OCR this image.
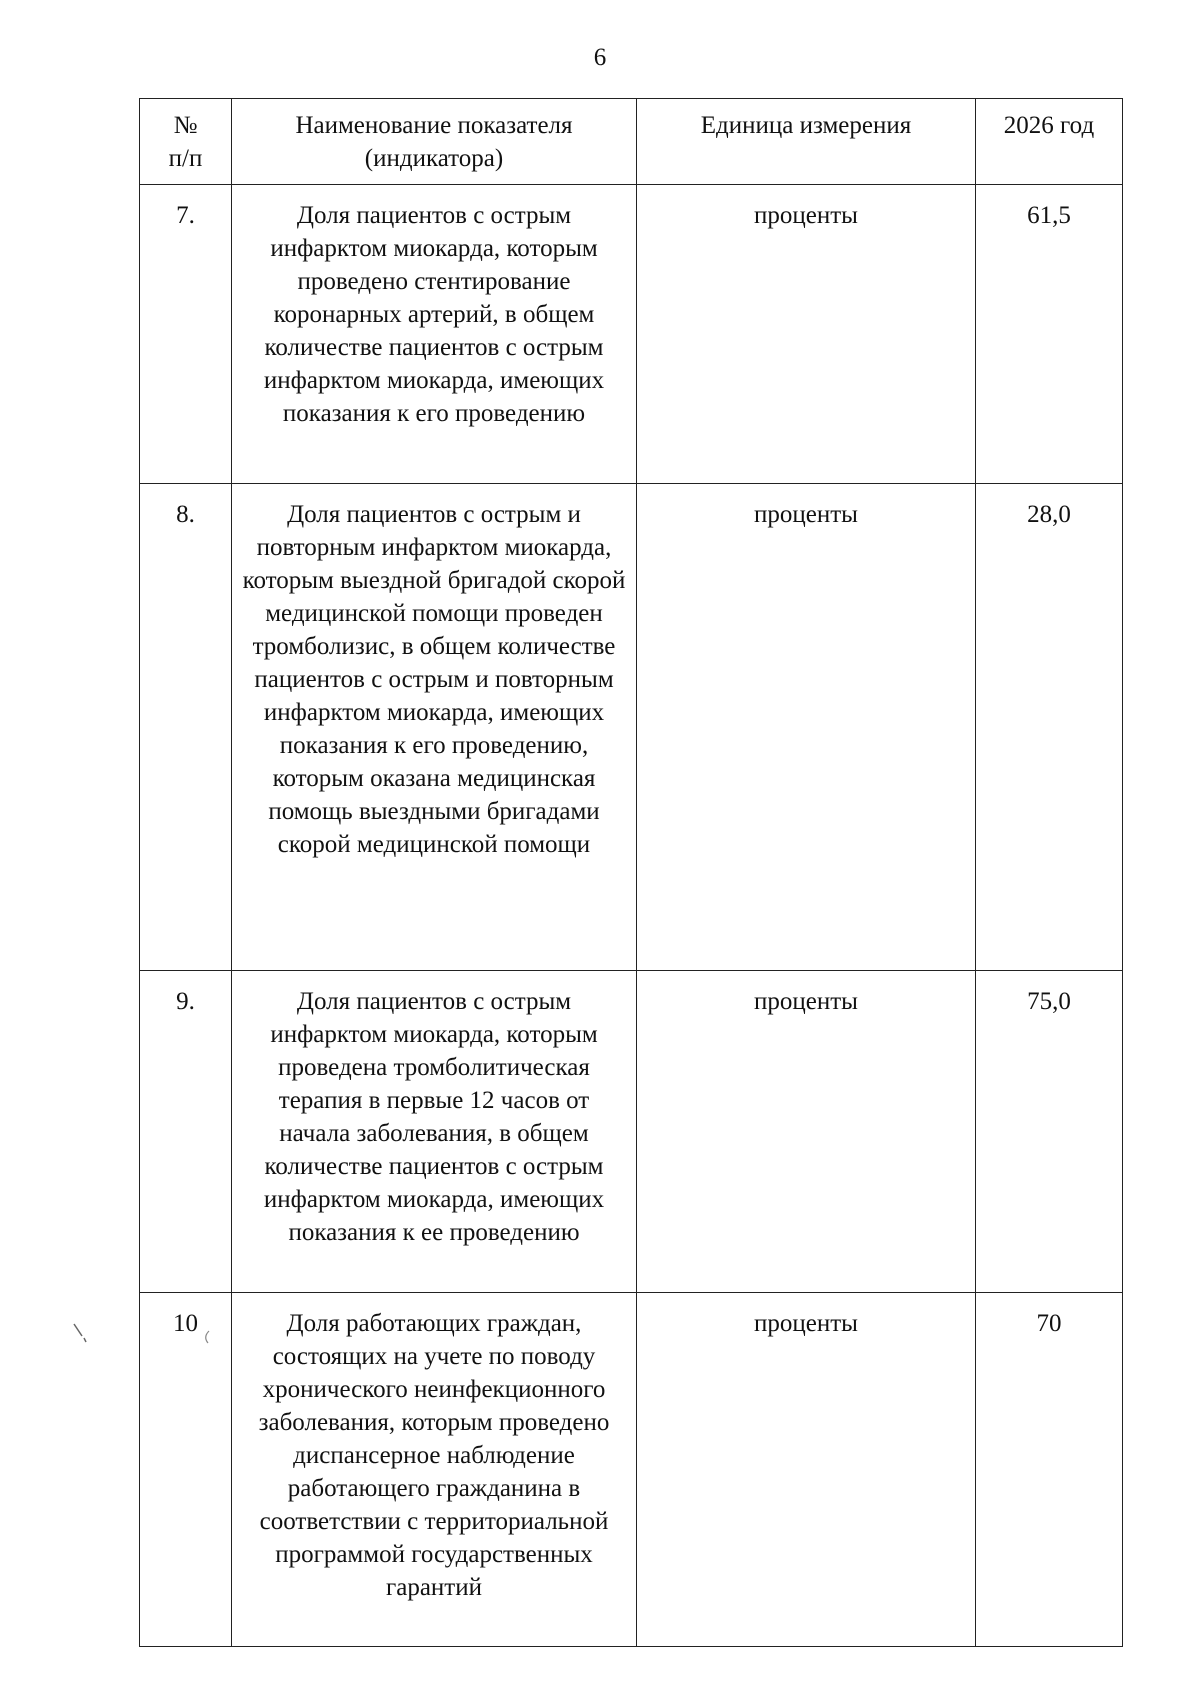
6
№ п/п	Наименование показателя (индикатора)	Единица измерения	2026 год
7.	Доля пациентов с острым инфарктом миокарда, которым проведено стентирование коронарных артерий, в общем количестве пациентов с острым инфарктом миокарда, имеющих показания к его проведению	проценты	61,5
8.	Доля пациентов с острым и повторным инфарктом миокарда, которым выездной бригадой скорой медицинской помощи проведен тромболизис, в общем количестве пациентов с острым и повторным инфарктом миокарда, имеющих показания к его проведению, которым оказана медицинская помощь выездными бригадами скорой медицинской помощи	проценты	28,0
9.	Доля пациентов с острым инфарктом миокарда, которым проведена тромболитическая терапия в первые 12 часов от начала заболевания, в общем количестве пациентов с острым инфарктом миокарда, имеющих показания к ее проведению	проценты	75,0
10	Доля работающих граждан, состоящих на учете по поводу хронического неинфекционного заболевания, которым проведено диспансерное наблюдение работающего гражданина в соответствии с территориальной программой государственных гарантий	проценты	70
